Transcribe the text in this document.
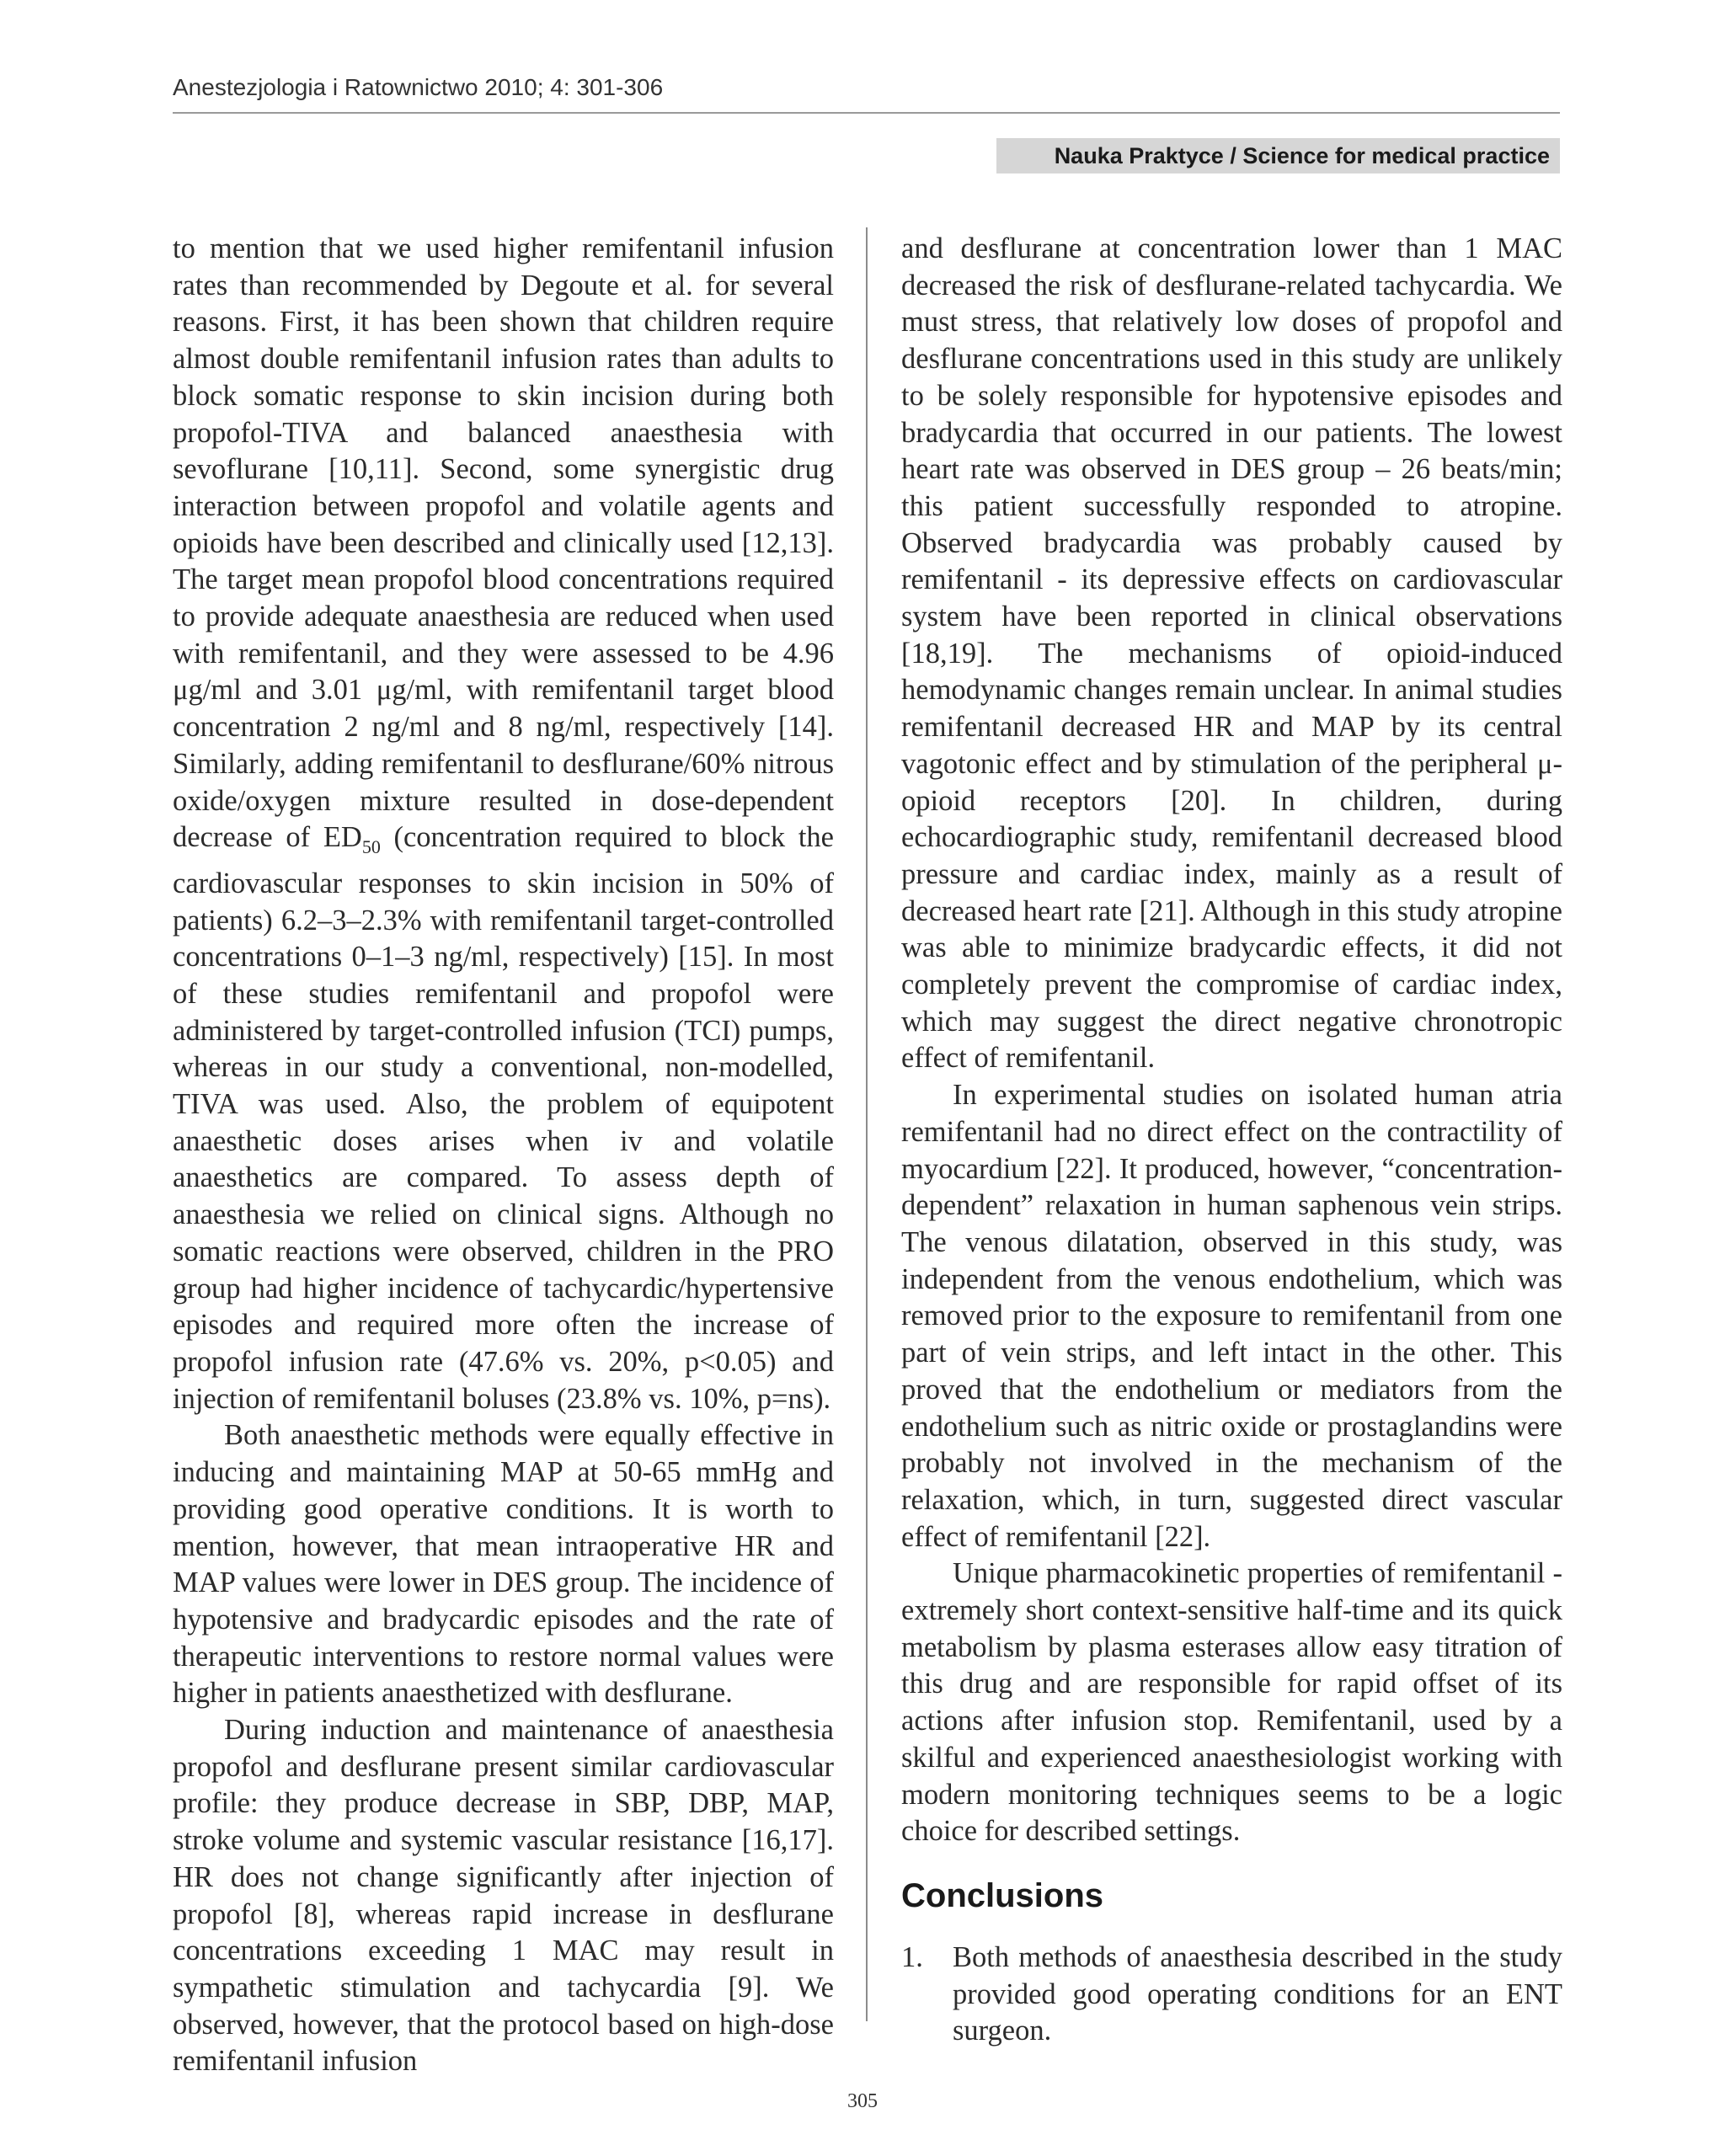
Anestezjologia i Ratownictwo 2010; 4: 301-306
Nauka Praktyce / Science for medical practice

to mention that we used higher remifentanil infusion rates than recommended by Degoute et al. for several reasons. First, it has been shown that children require almost double remifentanil infusion rates than adults to block somatic response to skin incision during both propofol-TIVA and balanced anaesthesia with sevoflurane [10,11]. Second, some synergistic drug interaction between propofol and volatile agents and opioids have been described and clinically used [12,13]. The target mean propofol blood concentrations required to provide adequate anaesthesia are reduced when used with remifentanil, and they were assessed to be 4.96 μg/ml and 3.01 μg/ml, with remifentanil target blood concentration 2 ng/ml and 8 ng/ml, respectively [14]. Similarly, adding remifentanil to desflurane/60% nitrous oxide/oxygen mixture resulted in dose-dependent decrease of $ED_{50}$ (concentration required to block the cardiovascular responses to skin incision in 50% of patients) 6.2–3–2.3% with remifentanil target-controlled concentrations 0–1–3 ng/ml, respectively) [15]. In most of these studies remifentanil and propofol were administered by target-controlled infusion (TCI) pumps, whereas in our study a conventional, non-modelled, TIVA was used. Also, the problem of equipotent anaesthetic doses arises when iv and volatile anaesthetics are compared. To assess depth of anaesthesia we relied on clinical signs. Although no somatic reactions were observed, children in the PRO group had higher incidence of tachycardic/hypertensive episodes and required more often the increase of propofol infusion rate (47.6% vs. 20%, p<0.05) and injection of remifentanil boluses (23.8% vs. 10%, p=ns).

Both anaesthetic methods were equally effective in inducing and maintaining MAP at 50-65 mmHg and providing good operative conditions. It is worth to mention, however, that mean intraoperative HR and MAP values were lower in DES group. The incidence of hypotensive and bradycardic episodes and the rate of therapeutic interventions to restore normal values were higher in patients anaesthetized with desflurane.

During induction and maintenance of anaesthesia propofol and desflurane present similar cardiovascular profile: they produce decrease in SBP, DBP, MAP, stroke volume and systemic vascular resistance [16,17]. HR does not change significantly after injection of propofol [8], whereas rapid increase in desflurane concentrations exceeding 1 MAC may result in sympathetic stimulation and tachycardia [9]. We observed, however, that the protocol based on high-dose remifentanil infusion

and desflurane at concentration lower than 1 MAC decreased the risk of desflurane-related tachycardia. We must stress, that relatively low doses of propofol and desflurane concentrations used in this study are unlikely to be solely responsible for hypotensive episodes and bradycardia that occurred in our patients. The lowest heart rate was observed in DES group – 26 beats/min; this patient successfully responded to atropine. Observed bradycardia was probably caused by remifentanil - its depressive effects on cardiovascular system have been reported in clinical observations [18,19]. The mechanisms of opioid-induced hemodynamic changes remain unclear. In animal studies remifentanil decreased HR and MAP by its central vagotonic effect and by stimulation of the peripheral μ-opioid receptors [20]. In children, during echocardiographic study, remifentanil decreased blood pressure and cardiac index, mainly as a result of decreased heart rate [21]. Although in this study atropine was able to minimize bradycardic effects, it did not completely prevent the compromise of cardiac index, which may suggest the direct negative chronotropic effect of remifentanil.

In experimental studies on isolated human atria remifentanil had no direct effect on the contractility of myocardium [22]. It produced, however, “concentration-dependent” relaxation in human saphenous vein strips. The venous dilatation, observed in this study, was independent from the venous endothelium, which was removed prior to the exposure to remifentanil from one part of vein strips, and left intact in the other. This proved that the endothelium or mediators from the endothelium such as nitric oxide or prostaglandins were probably not involved in the mechanism of the relaxation, which, in turn, suggested direct vascular effect of remifentanil [22].

Unique pharmacokinetic properties of remifentanil - extremely short context-sensitive half-time and its quick metabolism by plasma esterases allow easy titration of this drug and are responsible for rapid offset of its actions after infusion stop. Remifentanil, used by a skilful and experienced anaesthesiologist working with modern monitoring techniques seems to be a logic choice for described settings.

Conclusions
1. Both methods of anaesthesia described in the study provided good operating conditions for an ENT surgeon.
305
